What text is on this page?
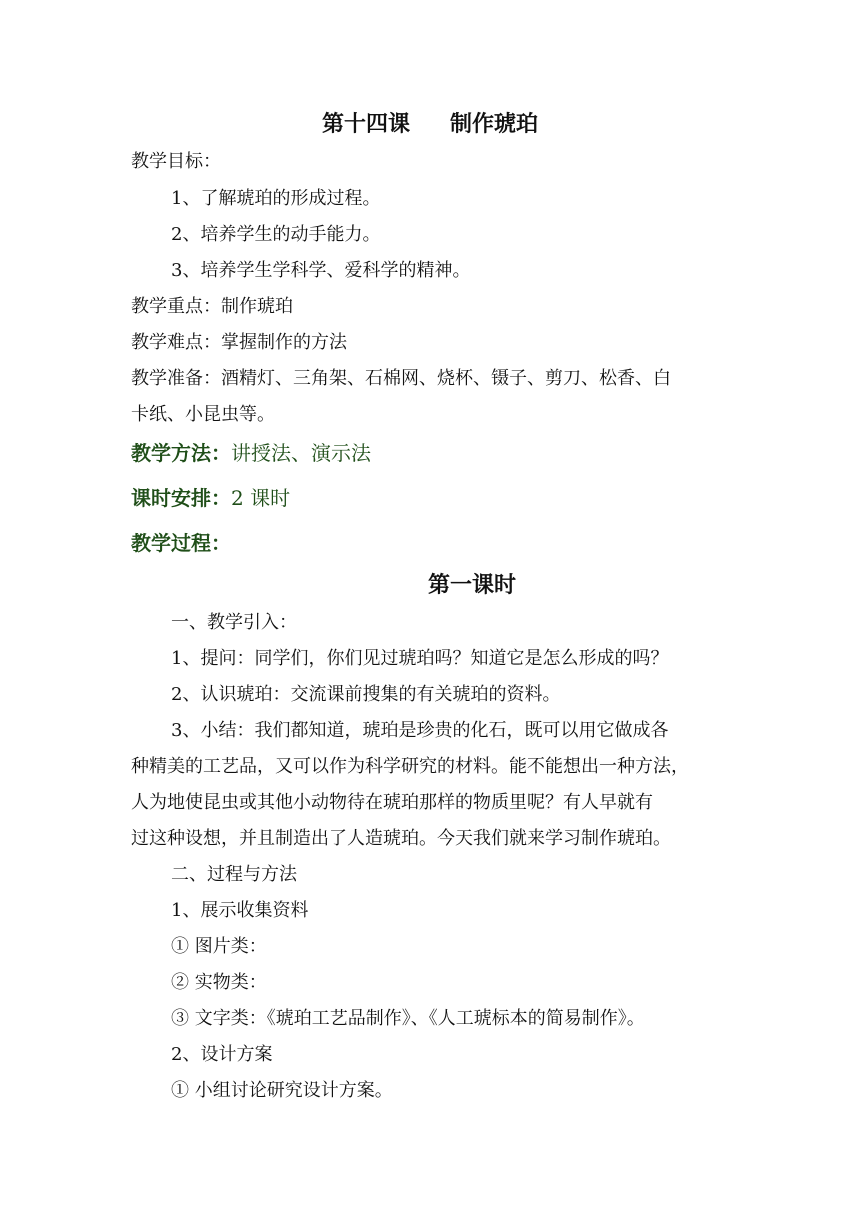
第十四课 制作琥珀
教学目标：
1、了解琥珀的形成过程。
2、培养学生的动手能力。
3、培养学生学科学、爱科学的精神。
教学重点：制作琥珀
教学难点：掌握制作的方法
教学准备：酒精灯、三角架、石棉网、烧杯、镊子、剪刀、松香、白
卡纸、小昆虫等。
教学方法：讲授法、演示法
课时安排：2 课时
教学过程：
第一课时
一、教学引入：
1、提问：同学们，你们见过琥珀吗？知道它是怎么形成的吗？
2、认识琥珀：交流课前搜集的有关琥珀的资料。
3、小结：我们都知道，琥珀是珍贵的化石，既可以用它做成各
种精美的工艺品，又可以作为科学研究的材料。能不能想出一种方法，
人为地使昆虫或其他小动物待在琥珀那样的物质里呢？有人早就有
过这种设想，并且制造出了人造琥珀。今天我们就来学习制作琥珀。
二、过程与方法
1、展示收集资料
① 图片类：
② 实物类：
③ 文字类：《琥珀工艺品制作》、《人工琥标本的简易制作》。
2、设计方案
① 小组讨论研究设计方案。
